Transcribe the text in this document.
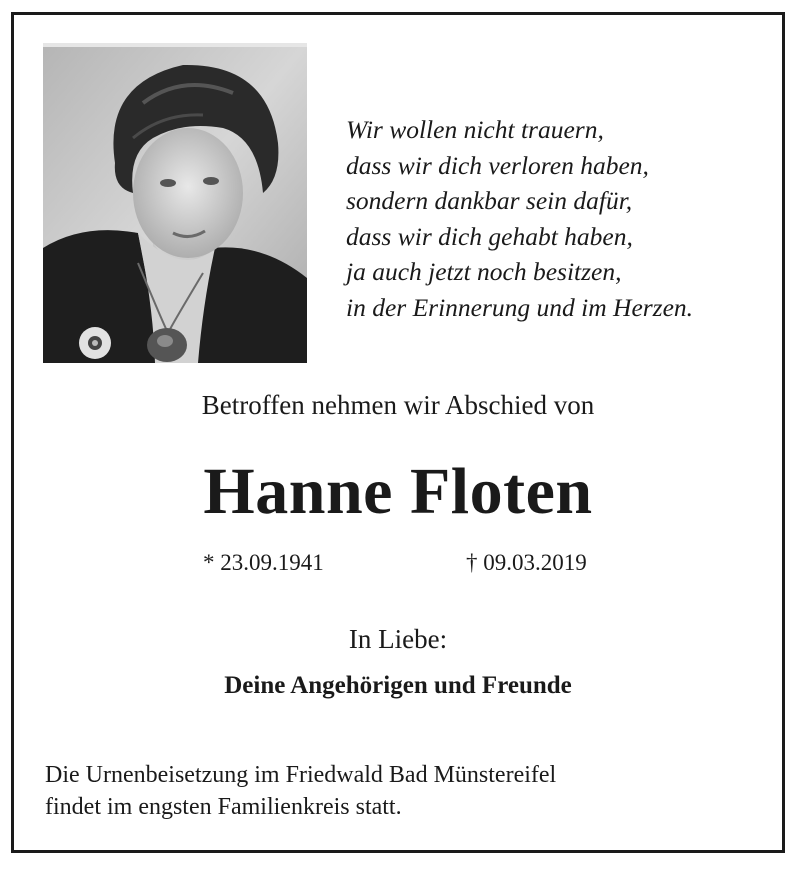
Wir wollen nicht trauern,
dass wir dich verloren haben,
sondern dankbar sein dafür,
dass wir dich gehabt haben,
ja auch jetzt noch besitzen,
in der Erinnerung und im Herzen.
Betroffen nehmen wir Abschied von
Hanne Floten
* 23.09.1941	† 09.03.2019
In Liebe:
Deine Angehörigen und Freunde
Die Urnenbeisetzung im Friedwald Bad Münstereifel
findet im engsten Familienkreis statt.
